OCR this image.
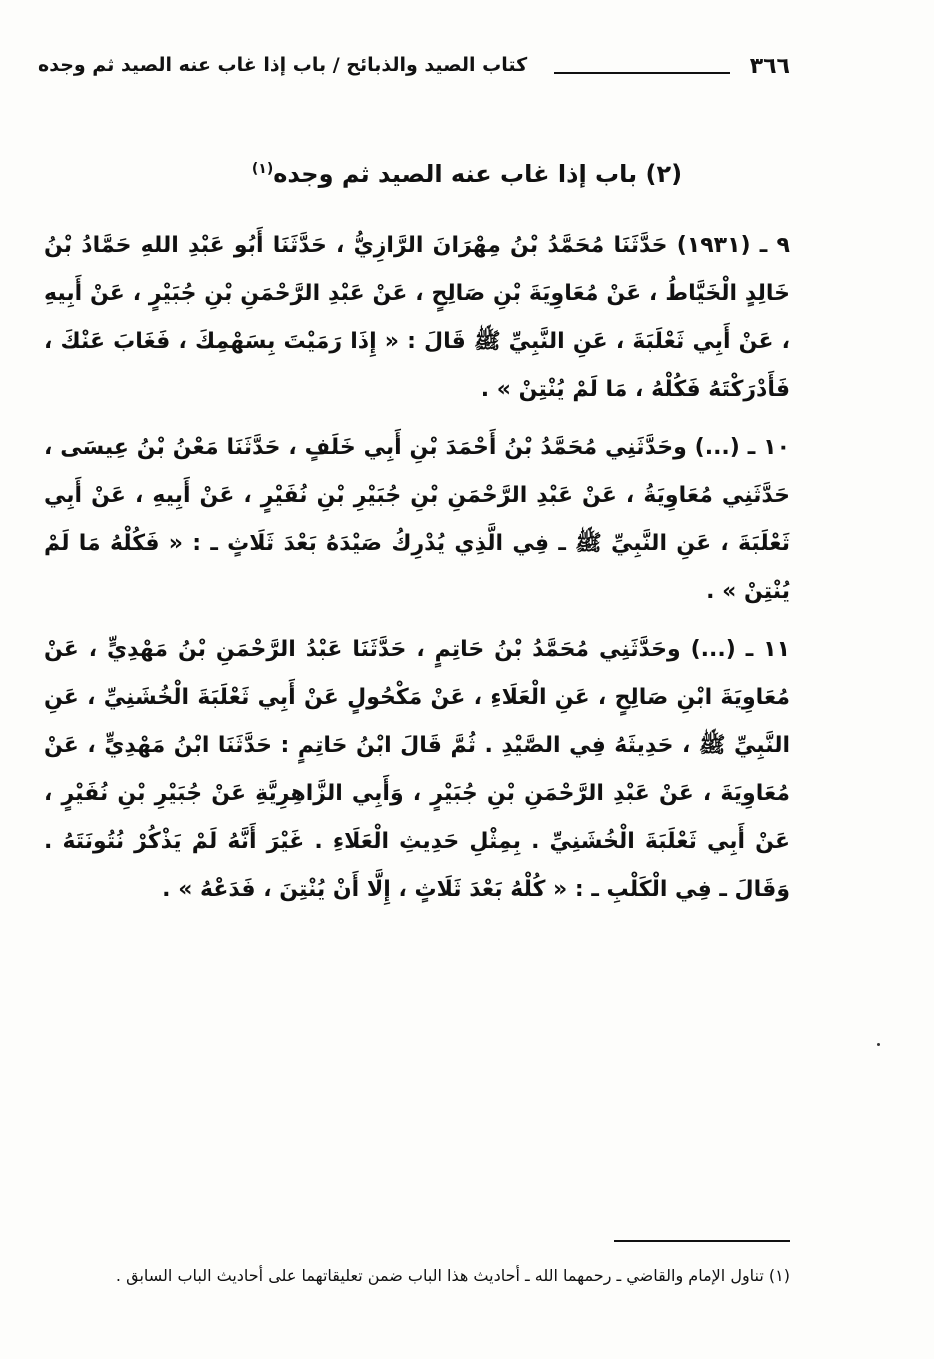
٣٦٦
كتاب الصيد والذبائح / باب إذا غاب عنه الصيد ثم وجده
(٢) باب إذا غاب عنه الصيد ثم وجده$^{(١)}$

٩ ـ (١٩٣١) حَدَّثَنَا مُحَمَّدُ بْنُ مِهْرَانَ الرَّازِيُّ ، حَدَّثَنَا أَبُو عَبْدِ اللهِ حَمَّادُ بْنُ خَالِدٍ الْخَيَّاطُ ، عَنْ مُعَاوِيَةَ بْنِ صَالِحٍ ، عَنْ عَبْدِ الرَّحْمَنِ بْنِ جُبَيْرٍ ، عَنْ أَبِيهِ ، عَنْ أَبِي ثَعْلَبَةَ ، عَنِ النَّبِيِّ ﷺ قَالَ : « إِذَا رَمَيْتَ بِسَهْمِكَ ، فَغَابَ عَنْكَ ، فَأَدْرَكْتَهُ فَكُلْهُ ، مَا لَمْ يُنْتِنْ » .

١٠ ـ (...) وحَدَّثَنِي مُحَمَّدُ بْنُ أَحْمَدَ بْنِ أَبِي خَلَفٍ ، حَدَّثَنَا مَعْنُ بْنُ عِيسَى ، حَدَّثَنِي مُعَاوِيَةُ ، عَنْ عَبْدِ الرَّحْمَنِ بْنِ جُبَيْرِ بْنِ نُفَيْرٍ ، عَنْ أَبِيهِ ، عَنْ أَبِي ثَعْلَبَةَ ، عَنِ النَّبِيِّ ﷺ ـ فِي الَّذِي يُدْرِكُ صَيْدَهُ بَعْدَ ثَلَاثٍ ـ : « فَكُلْهُ مَا لَمْ يُنْتِنْ » .

١١ ـ (...) وحَدَّثَنِي مُحَمَّدُ بْنُ حَاتِمٍ ، حَدَّثَنَا عَبْدُ الرَّحْمَنِ بْنُ مَهْدِيٍّ ، عَنْ مُعَاوِيَةَ ابْنِ صَالِحٍ ، عَنِ الْعَلَاءِ ، عَنْ مَكْحُولٍ عَنْ أَبِي ثَعْلَبَةَ الْخُشَنِيِّ ، عَنِ النَّبِيِّ ﷺ ، حَدِيثَهُ فِي الصَّيْدِ . ثُمَّ قَالَ ابْنُ حَاتِمٍ : حَدَّثَنَا ابْنُ مَهْدِيٍّ ، عَنْ مُعَاوِيَةَ ، عَنْ عَبْدِ الرَّحْمَنِ بْنِ جُبَيْرٍ ، وَأَبِي الزَّاهِرِيَّةِ عَنْ جُبَيْرِ بْنِ نُفَيْرٍ ، عَنْ أَبِي ثَعْلَبَةَ الْخُشَنِيِّ . بِمِثْلِ حَدِيثِ الْعَلَاءِ . غَيْرَ أَنَّهُ لَمْ يَذْكُرْ نُتُونَتَهُ . وَقَالَ ـ فِي الْكَلْبِ ـ : « كُلْهُ بَعْدَ ثَلَاثٍ ، إِلَّا أَنْ يُنْتِنَ ، فَدَعْهُ » .

(١) تناول الإمام والقاضي ـ رحمهما الله ـ أحاديث هذا الباب ضمن تعليقاتهما على أحاديث الباب السابق .
